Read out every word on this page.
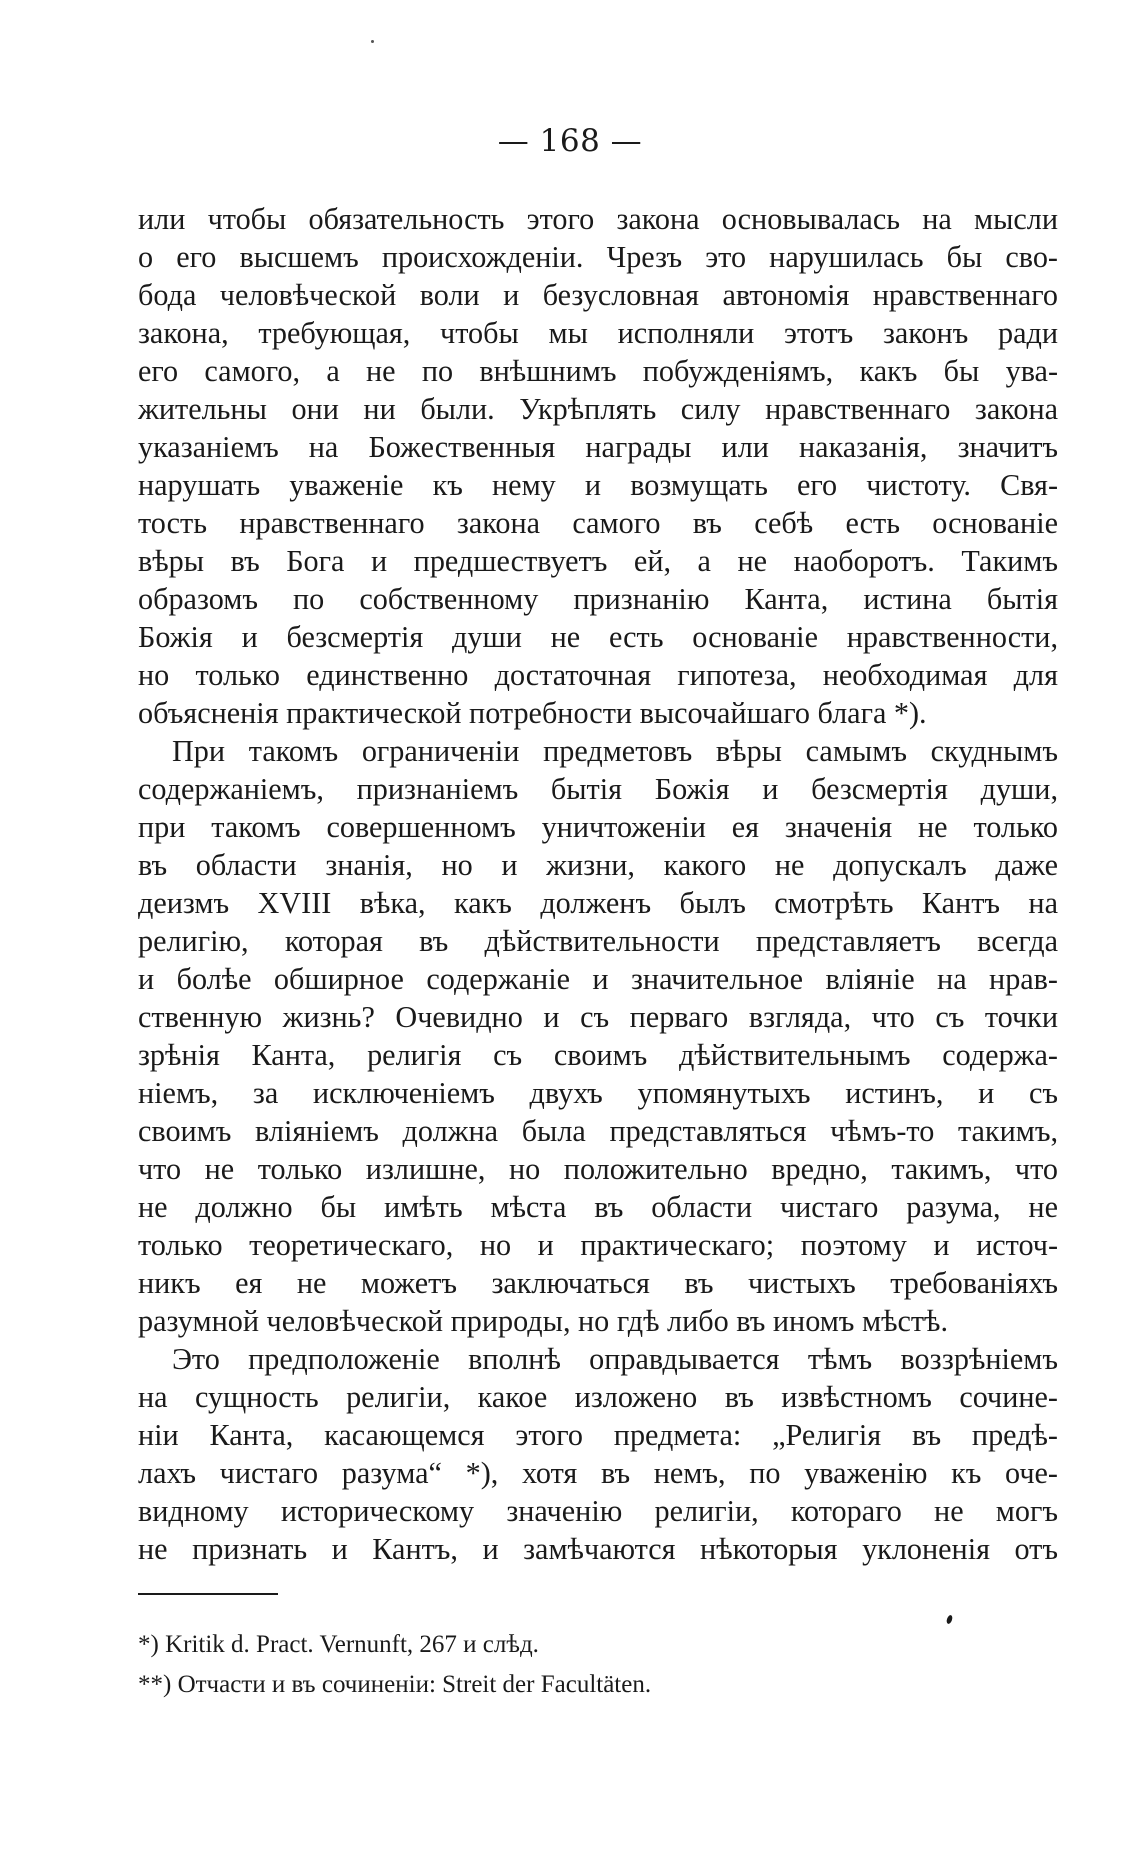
— 168 —
или чтобы обязательность этого закона основывалась на мысли
о его высшемъ происхожденіи. Чрезъ это нарушилась бы сво-
бода человѣческой воли и безусловная автономія нравственнаго
закона, требующая, чтобы мы исполняли этотъ законъ ради
его самого, а не по внѣшнимъ побужденіямъ, какъ бы ува-
жительны они ни были. Укрѣплять силу нравственнаго закона
указаніемъ на Божественныя награды или наказанія, значитъ
нарушать уваженіе къ нему и возмущать его чистоту. Свя-
тость нравственнаго закона самого въ себѣ есть основаніе
вѣры въ Бога и предшествуетъ ей, а не наоборотъ. Такимъ
образомъ по собственному признанію Канта, истина бытія
Божія и безсмертія души не есть основаніе нравственности,
но только единственно достаточная гипотеза, необходимая для
объясненія практической потребности высочайшаго блага *).
При такомъ ограниченіи предметовъ вѣры самымъ скуднымъ
содержаніемъ, признаніемъ бытія Божія и безсмертія души,
при такомъ совершенномъ уничтоженіи ея значенія не только
въ области знанія, но и жизни, какого не допускалъ даже
деизмъ XVIII вѣка, какъ долженъ былъ смотрѣть Кантъ на
религію, которая въ дѣйствительности представляетъ всегда
и болѣе обширное содержаніе и значительное вліяніе на нрав-
ственную жизнь? Очевидно и съ перваго взгляда, что съ точки
зрѣнія Канта, религія съ своимъ дѣйствительнымъ содержа-
ніемъ, за исключеніемъ двухъ упомянутыхъ истинъ, и съ
своимъ вліяніемъ должна была представляться чѣмъ-то такимъ,
что не только излишне, но положительно вредно, такимъ, что
не должно бы имѣть мѣста въ области чистаго разума, не
только теоретическаго, но и практическаго; поэтому и источ-
никъ ея не можетъ заключаться въ чистыхъ требованіяхъ
разумной человѣческой природы, но гдѣ либо въ иномъ мѣстѣ.
Это предположеніе вполнѣ оправдывается тѣмъ воззрѣніемъ
на сущность религіи, какое изложено въ извѣстномъ сочине-
ніи Канта, касающемся этого предмета: „Религія въ предѣ-
лахъ чистаго разума“ *), хотя въ немъ, по уваженію къ оче-
видному историческому значенію религіи, котораго не могъ
не признать и Кантъ, и замѣчаются нѣкоторыя уклоненія отъ
*) Kritik d. Pract. Vernunft, 267 и слѣд.
**) Отчасти и въ сочиненіи: Streit der Facultäten.
